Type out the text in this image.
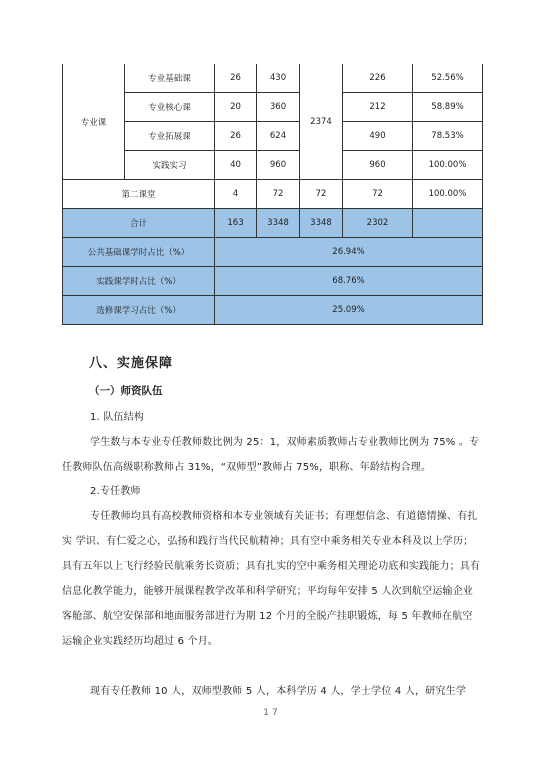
专业课	专业基础课	26	430	2374	226	52.56%
	专业核心课	20	360		212	58.89%
	专业拓展课	26	624		490	78.53%
	实践实习	40	960		960	100.00%
第二课堂		4	72	72	72	100.00%
合计		163	3348	3348	2302	
公共基础课学时占比（%）		26.94%				
实践课学时占比（%）		68.76%				
选修课学习占比（%）		25.09%				
八、实施保障
（一）师资队伍
1. 队伍结构
学生数与本专业专任教师数比例为 25：1，双师素质教师占专业教师比例为 75% 。专任教师队伍高级职称教师占 31%，“双师型”教师占 75%，职称、年龄结构合理。
2.专任教师
专任教师均具有高校教师资格和本专业领域有关证书；有理想信念、有道德情操、有扎实 学识、有仁爱之心，弘扬和践行当代民航精神；具有空中乘务相关专业本科及以上学历；具有五年以上飞行经验民航乘务长资质；具有扎实的空中乘务相关理论功底和实践能力；具有信息化教学能力，能够开展课程教学改革和科学研究；平均每年安排 5 人次到航空运输企业客舱部、航空安保部和地面服务部进行为期 12 个月的全脱产挂职锻炼，每 5 年教师在航空运输企业实践经历均超过 6 个月。
现有专任教师 10 人，双师型教师 5 人，本科学历 4 人，学士学位 4 人，研究生学
17
